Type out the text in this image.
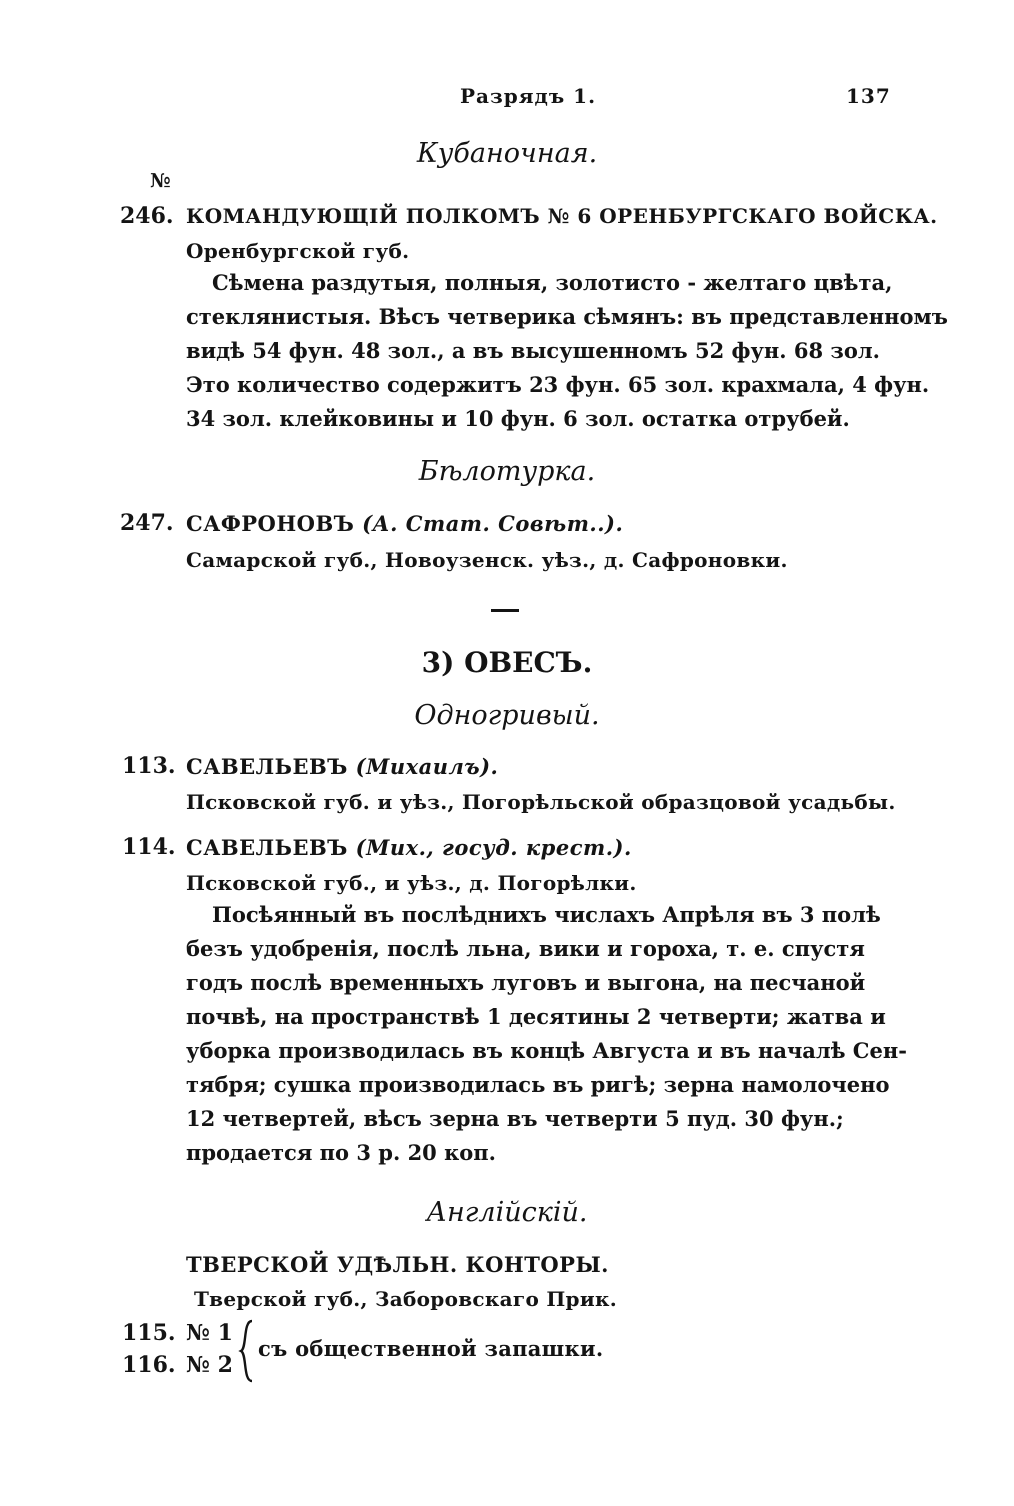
Разрядъ 1.	137
Кубаночная.
№
246. КОМАНДУЮЩІЙ ПОЛКОМЪ № 6 ОРЕНБУРГСКАГО ВОЙСКА.
Оренбургской губ.

Сѣмена раздутыя, полныя, золотисто - желтаго цвѣта,

стеклянистыя. Вѣсъ четверика сѣмянъ: въ представленномъ

видѣ 54 фун. 48 зол., а въ высушенномъ 52 фун. 68 зол.

Это количество содержитъ 23 фун. 65 зол. крахмала, 4 фун.

34 зол. клейковины и 10 фун. 6 зол. остатка отрубей.

Бѣлотурка.
247. САФРОНОВЪ (А. Стат. Совѣт..).
Самарской губ., Новоузенск. уѣз., д. Сафроновки.
3) ОВЕСЪ.
Одногривый.
113. САВЕЛЬЕВЪ (Михаилъ).
Псковской губ. и уѣз., Погорѣльской образцовой усадьбы.
114. САВЕЛЬЕВЪ (Мих., госуд. крест.).
Псковской губ., и уѣз., д. Погорѣлки.

Посѣянный въ послѣднихъ числахъ Апрѣля въ 3 полѣ

безъ удобренія, послѣ льна, вики и гороха, т. е. спустя

годъ послѣ временныхъ луговъ и выгона, на песчаной

почвѣ, на пространствѣ 1 десятины 2 четверти; жатва и

уборка производилась въ концѣ Августа и въ началѣ Сен-

тября; сушка производилась въ ригѣ; зерна намолочено

12 четвертей, вѣсъ зерна въ четверти 5 пуд. 30 фун.;

продается по 3 р. 20 коп.

Англійскій.
ТВЕРСКОЙ УДѢЛЬН. КОНТОРЫ.
Тверской губ., Заборовскаго Прик.
115. № 1
116. № 2
съ общественной запашки.
